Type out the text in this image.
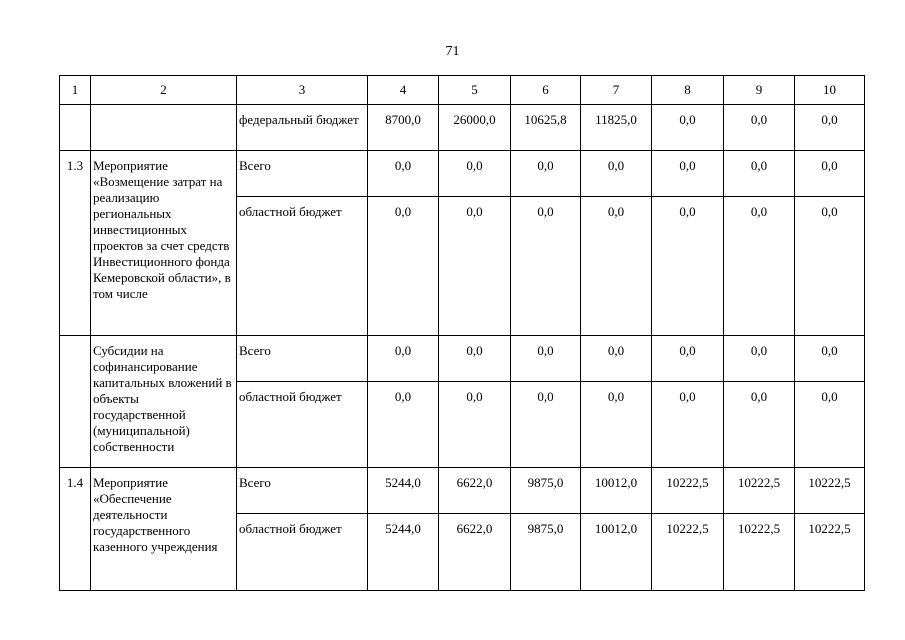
71
1	2	3	4	5	6	7	8	9	10
		федеральный бюджет	8700,0	26000,0	10625,8	11825,0	0,0	0,0	0,0
1.3	Мероприятие «Возмещение затрат на реализацию региональных инвестиционных проектов за счет средств Инвестиционного фонда Кемеровской области», в том числе	Всего	0,0	0,0	0,0	0,0	0,0	0,0	0,0
		областной бюджет	0,0	0,0	0,0	0,0	0,0	0,0	0,0
	Субсидии на софинансирование капитальных вложений в объекты государственной (муниципальной) собственности	Всего	0,0	0,0	0,0	0,0	0,0	0,0	0,0
		областной бюджет	0,0	0,0	0,0	0,0	0,0	0,0	0,0
1.4	Мероприятие «Обеспечение деятельности государственного казенного учреждения	Всего	5244,0	6622,0	9875,0	10012,0	10222,5	10222,5	10222,5
		областной бюджет	5244,0	6622,0	9875,0	10012,0	10222,5	10222,5	10222,5
